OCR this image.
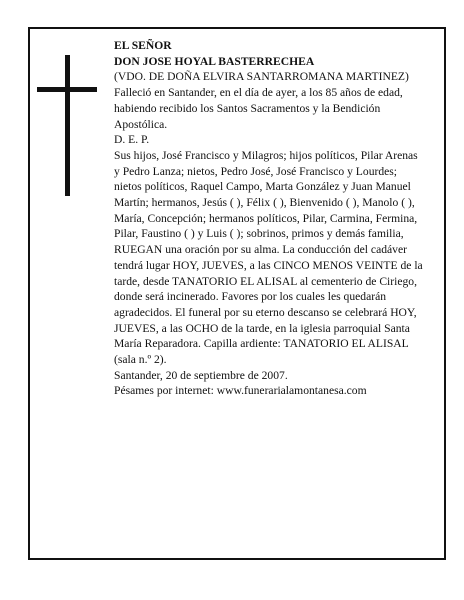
EL SEÑOR

DON JOSE HOYAL BASTERRECHEA

(VDO. DE DOÑA ELVIRA SANTARROMANA MARTINEZ)

Falleció en Santander, en el día de ayer, a los 85 años de edad,

habiendo recibido los Santos Sacramentos y la Bendición Apostólica.

D. E. P.

Sus hijos, José Francisco y Milagros; hijos políticos, Pilar Arenas y Pedro Lanza; nietos, Pedro José, José Francisco y Lourdes; nietos políticos, Raquel Campo, Marta González y Juan Manuel Martín; hermanos, Jesús ( ), Félix ( ), Bienvenido ( ), Manolo ( ), María, Concepción; hermanos políticos, Pilar, Carmina, Fermina, Pilar, Faustino ( ) y Luis ( ); sobrinos, primos y demás familia,

RUEGAN una oración por su alma. La conducción del cadáver tendrá lugar HOY, JUEVES, a las CINCO MENOS VEINTE de la tarde, desde TANATORIO EL ALISAL al cementerio de Ciriego, donde será incinerado. Favores por los cuales les quedarán agradecidos. El funeral por su eterno descanso se celebrará HOY, JUEVES, a las OCHO de la tarde, en la iglesia parroquial Santa María Reparadora. Capilla ardiente: TANATORIO EL ALISAL (sala n.º 2).

Santander, 20 de septiembre de 2007.

Pésames por internet: www.funerarialamontanesa.com
